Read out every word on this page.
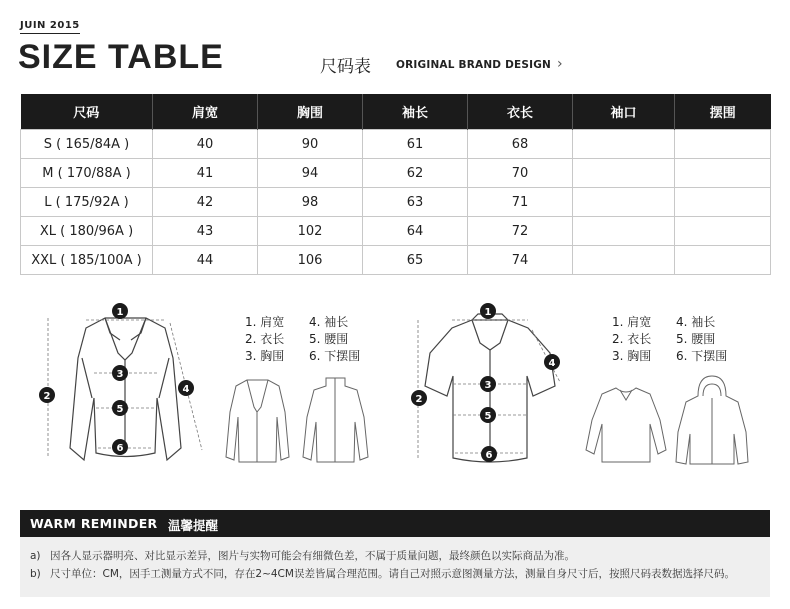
JUIN 2015
SIZE TABLE	尺码表 ORIGINAL BRAND DESIGN ›
尺码	肩宽	胸围	袖长	衣长	袖口	摆围
S ( 165/84A )	40	90	61	68		
M ( 170/88A )	41	94	62	70		
L ( 175/92A )	42	98	63	71		
XL ( 180/96A )	43	102	64	72		
XXL ( 185/100A )	44	106	65	74		
1
2
3
4
5
6
1. 肩宽	4. 袖长
2. 衣长	5. 腰围
3. 胸围	6. 下摆围
1
2
3
4
5
6
1. 肩宽	4. 袖长
2. 衣长	5. 腰围
3. 胸围	6. 下摆围
WARM REMINDER 温馨提醒
a) 因各人显示器明亮、对比显示差异，图片与实物可能会有细微色差，不属于质量问题，最终颜色以实际商品为准。
b) 尺寸单位：CM，因手工测量方式不同，存在2~4CM误差皆属合理范围。请自己对照示意图测量方法，测量自身尺寸后，按照尺码表数据选择尺码。
